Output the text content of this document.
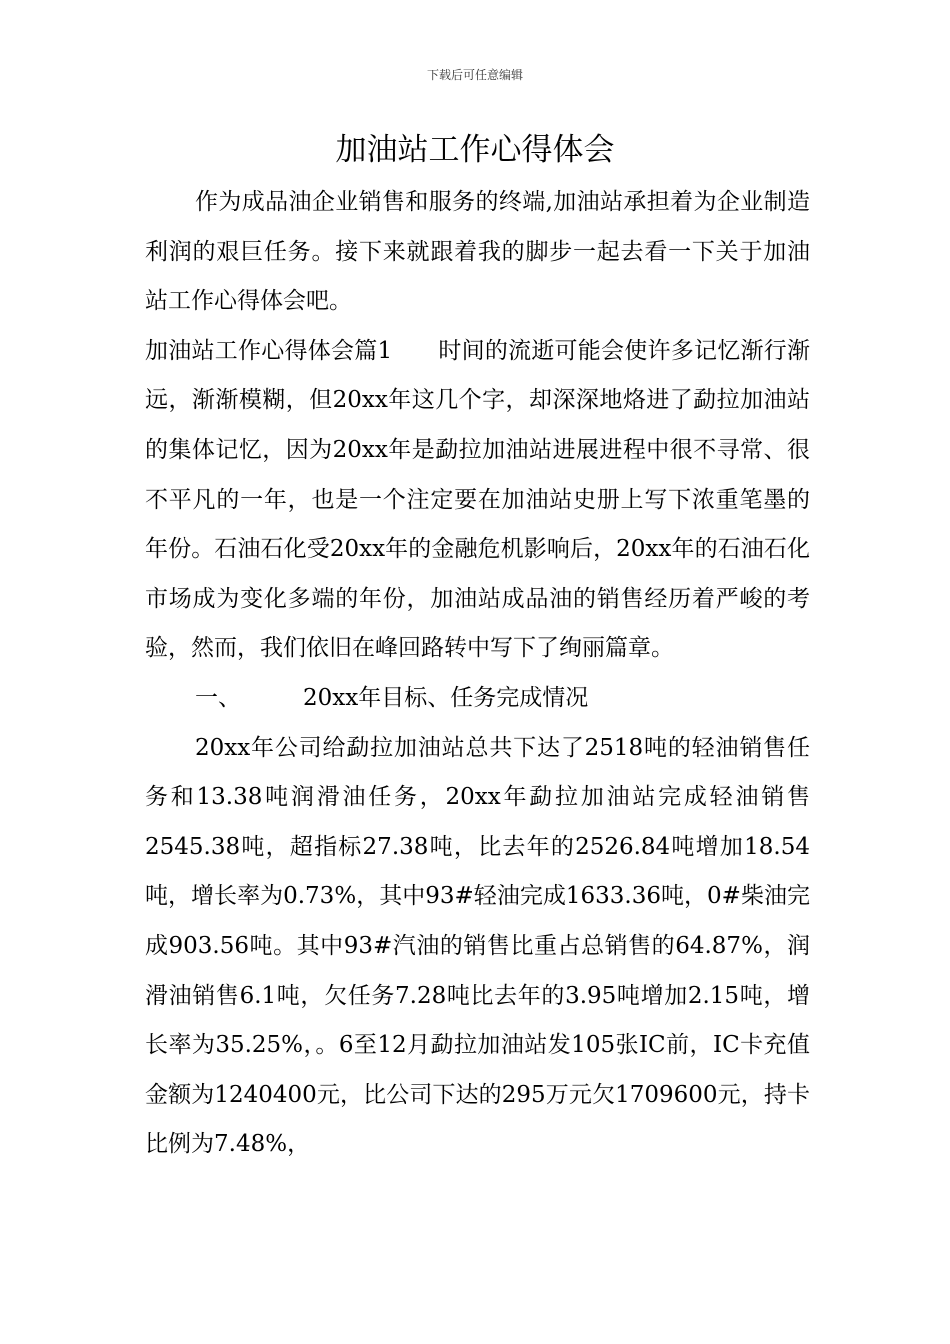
下载后可任意编辑
加油站工作心得体会

作为成品油企业销售和服务的终端,加油站承担着为企业制造利润的艰巨任务。接下来就跟着我的脚步一起去看一下关于加油站工作心得体会吧。

加油站工作心得体会篇1 时间的流逝可能会使许多记忆渐行渐远，渐渐模糊，但20xx年这几个字，却深深地烙进了勐拉加油站的集体记忆，因为20xx年是勐拉加油站进展进程中很不寻常、很不平凡的一年，也是一个注定要在加油站史册上写下浓重笔墨的年份。石油石化受20xx年的金融危机影响后，20xx年的石油石化市场成为变化多端的年份，加油站成品油的销售经历着严峻的考验，然而，我们依旧在峰回路转中写下了绚丽篇章。

一、	20xx年目标、任务完成情况

20xx年公司给勐拉加油站总共下达了2518吨的轻油销售任务和13.38吨润滑油任务，20xx年勐拉加油站完成轻油销售2545.38吨，超指标27.38吨，比去年的2526.84吨增加18.54吨，增长率为0.73%，其中93#轻油完成1633.36吨，0#柴油完成903.56吨。其中93#汽油的销售比重占总销售的64.87%，润滑油销售6.1吨，欠任务7.28吨比去年的3.95吨增加2.15吨，增长率为35.25%，。6至12月勐拉加油站发105张IC前，IC卡充值金额为1240400元，比公司下达的295万元欠1709600元，持卡比例为7.48%，
